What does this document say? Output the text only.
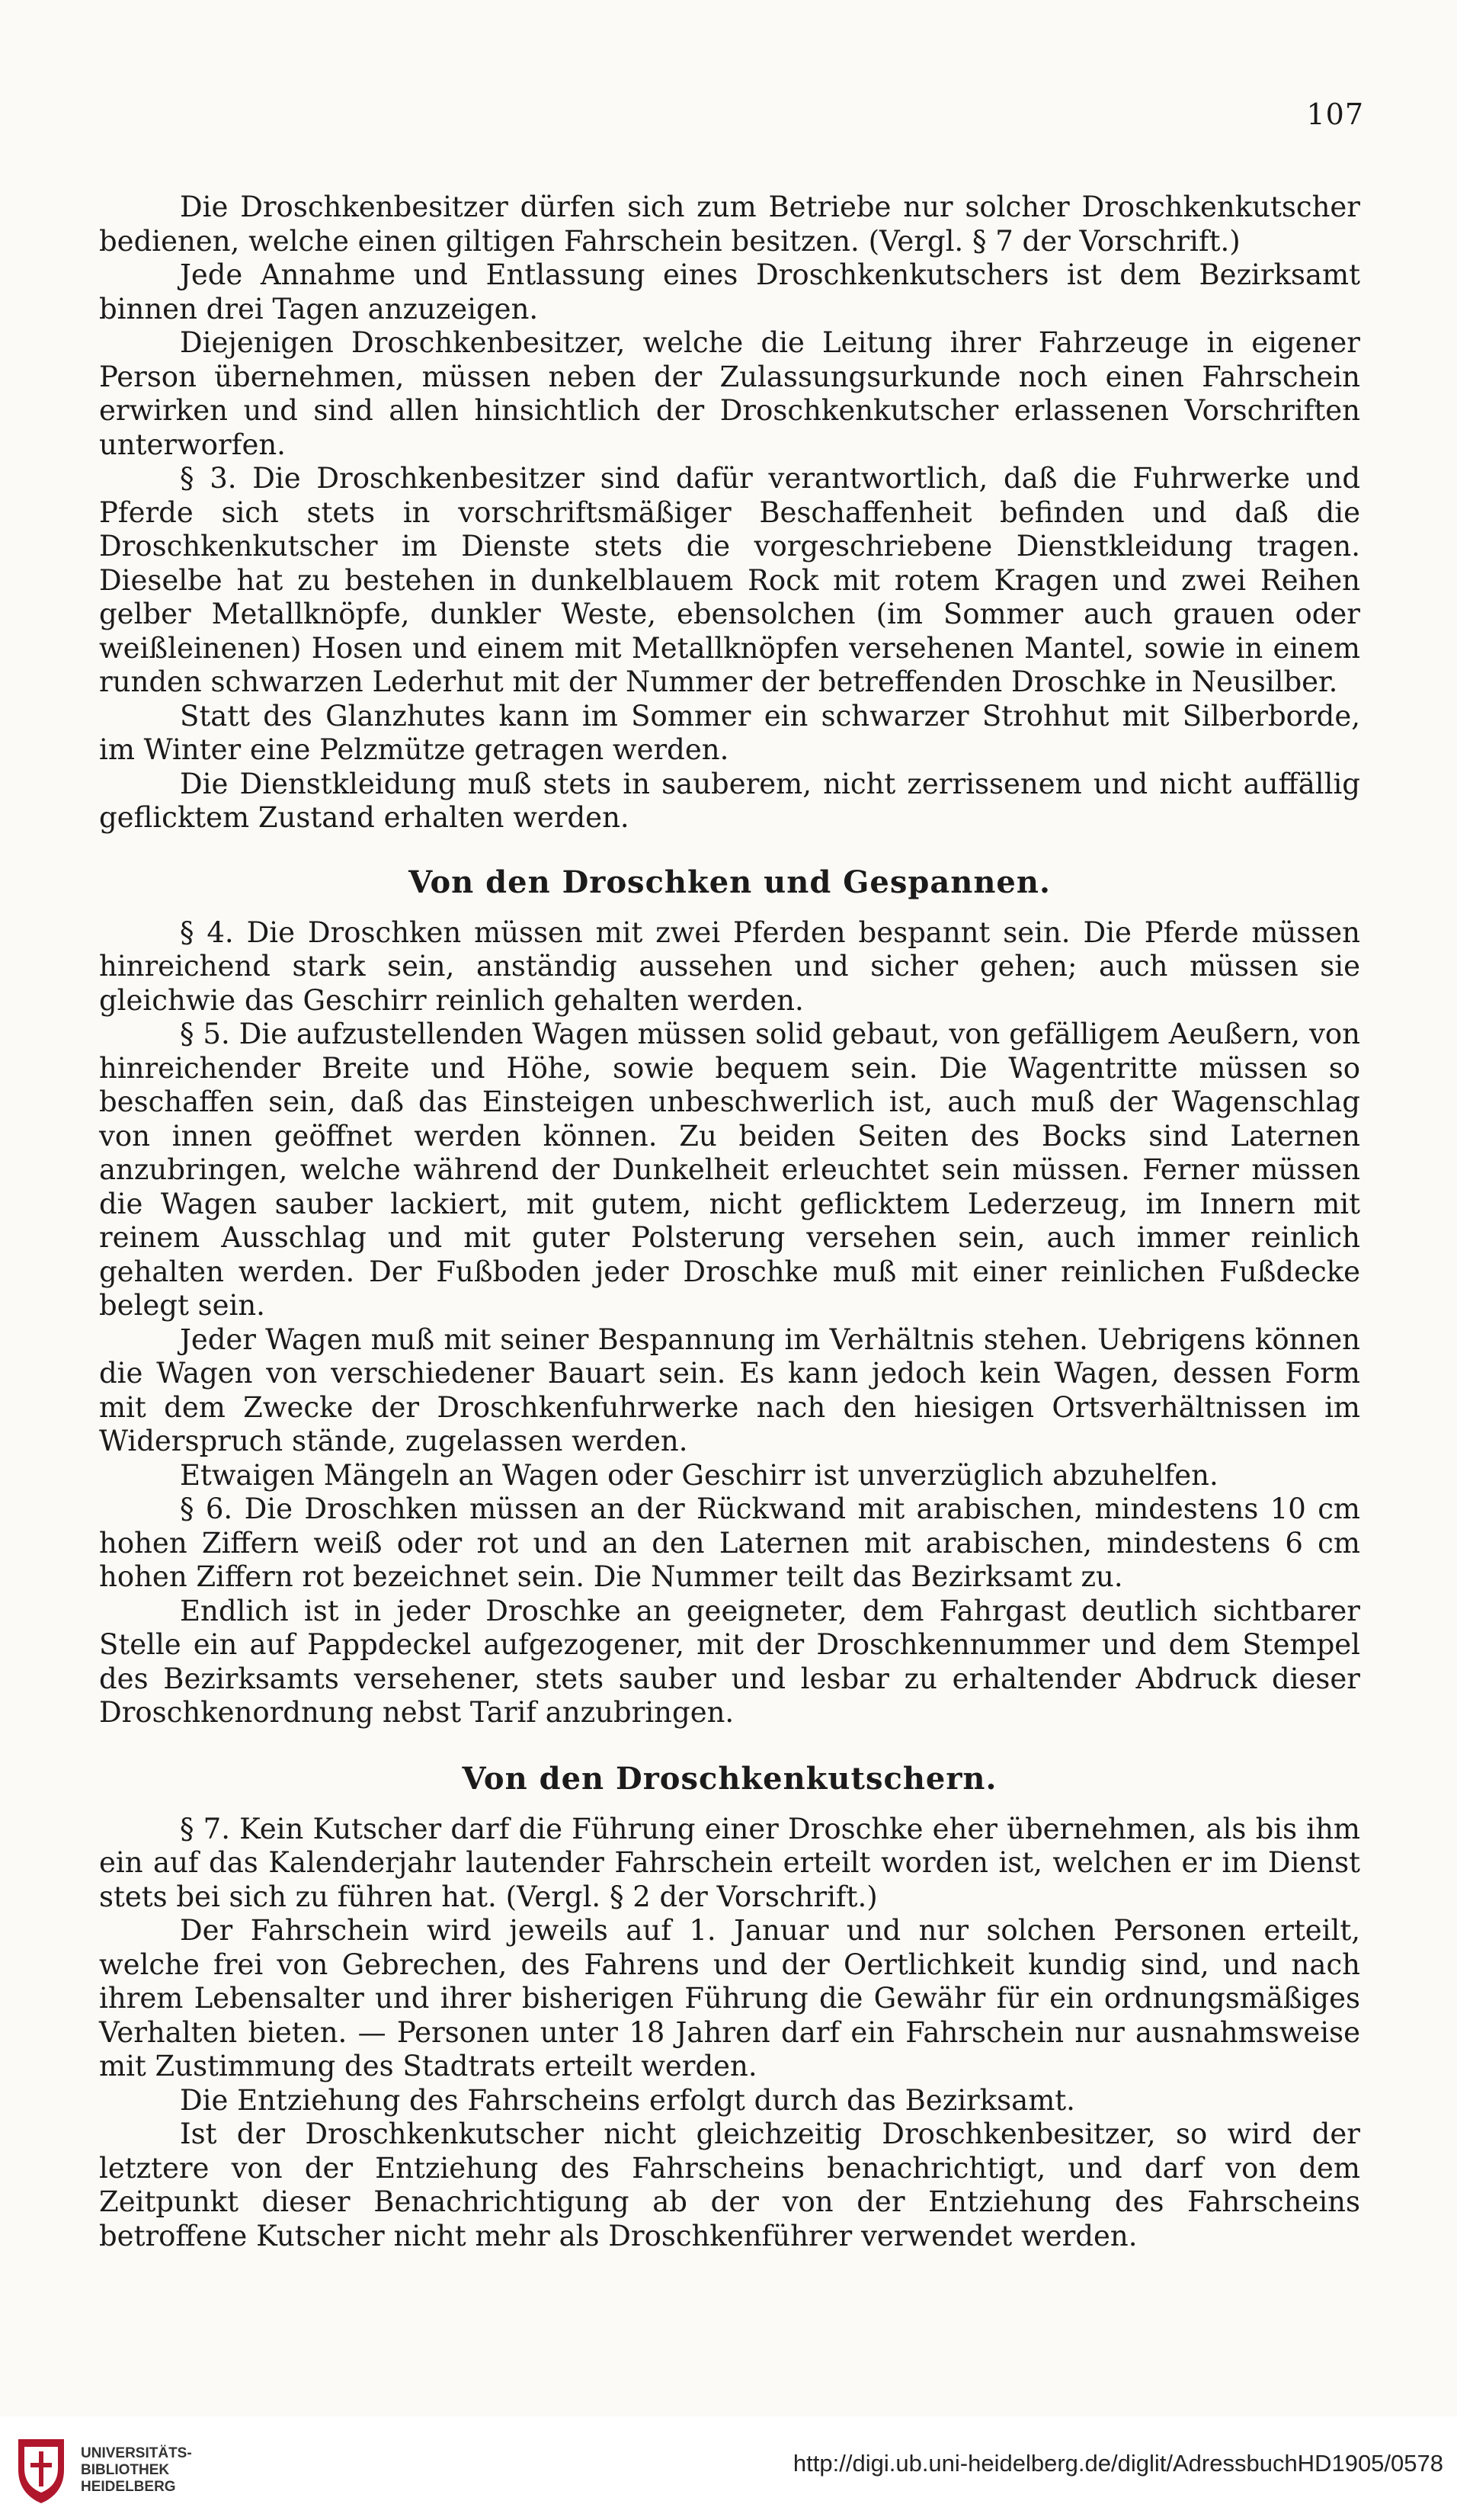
107

Die Droschkenbesitzer dürfen sich zum Betriebe nur solcher Droschkenkutscher bedienen, welche einen giltigen Fahrschein besitzen. (Vergl. § 7 der Vorschrift.)

Jede Annahme und Entlassung eines Droschkenkutschers ist dem Bezirksamt binnen drei Tagen anzuzeigen.

Diejenigen Droschkenbesitzer, welche die Leitung ihrer Fahrzeuge in eigener Person übernehmen, müssen neben der Zulassungsurkunde noch einen Fahrschein erwirken und sind allen hinsichtlich der Droschkenkutscher erlassenen Vorschriften unterworfen.

§ 3. Die Droschkenbesitzer sind dafür verantwortlich, daß die Fuhrwerke und Pferde sich stets in vorschriftsmäßiger Beschaffenheit befinden und daß die Droschkenkutscher im Dienste stets die vorgeschriebene Dienstkleidung tragen. Dieselbe hat zu bestehen in dunkelblauem Rock mit rotem Kragen und zwei Reihen gelber Metallknöpfe, dunkler Weste, ebensolchen (im Sommer auch grauen oder weißleinenen) Hosen und einem mit Metallknöpfen versehenen Mantel, sowie in einem runden schwarzen Lederhut mit der Nummer der betreffenden Droschke in Neusilber.

Statt des Glanzhutes kann im Sommer ein schwarzer Strohhut mit Silberborde, im Winter eine Pelzmütze getragen werden.

Die Dienstkleidung muß stets in sauberem, nicht zerrissenem und nicht auffällig geflicktem Zustand erhalten werden.

Von den Droschken und Gespannen.

§ 4. Die Droschken müssen mit zwei Pferden bespannt sein. Die Pferde müssen hinreichend stark sein, anständig aussehen und sicher gehen; auch müssen sie gleichwie das Geschirr reinlich gehalten werden.

§ 5. Die aufzustellenden Wagen müssen solid gebaut, von gefälligem Aeußern, von hinreichender Breite und Höhe, sowie bequem sein. Die Wagentritte müssen so beschaffen sein, daß das Einsteigen unbeschwerlich ist, auch muß der Wagenschlag von innen geöffnet werden können. Zu beiden Seiten des Bocks sind Laternen anzubringen, welche während der Dunkelheit erleuchtet sein müssen. Ferner müssen die Wagen sauber lackiert, mit gutem, nicht geflicktem Lederzeug, im Innern mit reinem Ausschlag und mit guter Polsterung versehen sein, auch immer reinlich gehalten werden. Der Fußboden jeder Droschke muß mit einer reinlichen Fußdecke belegt sein.

Jeder Wagen muß mit seiner Bespannung im Verhältnis stehen. Uebrigens können die Wagen von verschiedener Bauart sein. Es kann jedoch kein Wagen, dessen Form mit dem Zwecke der Droschkenfuhrwerke nach den hiesigen Ortsverhältnissen im Widerspruch stände, zugelassen werden.

Etwaigen Mängeln an Wagen oder Geschirr ist unverzüglich abzuhelfen.

§ 6. Die Droschken müssen an der Rückwand mit arabischen, mindestens 10 cm hohen Ziffern weiß oder rot und an den Laternen mit arabischen, mindestens 6 cm hohen Ziffern rot bezeichnet sein. Die Nummer teilt das Bezirksamt zu.

Endlich ist in jeder Droschke an geeigneter, dem Fahrgast deutlich sichtbarer Stelle ein auf Pappdeckel aufgezogener, mit der Droschkennummer und dem Stempel des Bezirksamts versehener, stets sauber und lesbar zu erhaltender Abdruck dieser Droschkenordnung nebst Tarif anzubringen.

Von den Droschkenkutschern.

§ 7. Kein Kutscher darf die Führung einer Droschke eher übernehmen, als bis ihm ein auf das Kalenderjahr lautender Fahrschein erteilt worden ist, welchen er im Dienst stets bei sich zu führen hat. (Vergl. § 2 der Vorschrift.)

Der Fahrschein wird jeweils auf 1. Januar und nur solchen Personen erteilt, welche frei von Gebrechen, des Fahrens und der Oertlichkeit kundig sind, und nach ihrem Lebensalter und ihrer bisherigen Führung die Gewähr für ein ordnungsmäßiges Verhalten bieten. — Personen unter 18 Jahren darf ein Fahrschein nur ausnahmsweise mit Zustimmung des Stadtrats erteilt werden.

Die Entziehung des Fahrscheins erfolgt durch das Bezirksamt.

Ist der Droschkenkutscher nicht gleichzeitig Droschkenbesitzer, so wird der letztere von der Entziehung des Fahrscheins benachrichtigt, und darf von dem Zeitpunkt dieser Benachrichtigung ab der von der Entziehung des Fahrscheins betroffene Kutscher nicht mehr als Droschkenführer verwendet werden.

UNIVERSITÄTS-
BIBLIOTHEK
HEIDELBERG
http://digi.ub.uni-heidelberg.de/diglit/AdressbuchHD1905/0578
